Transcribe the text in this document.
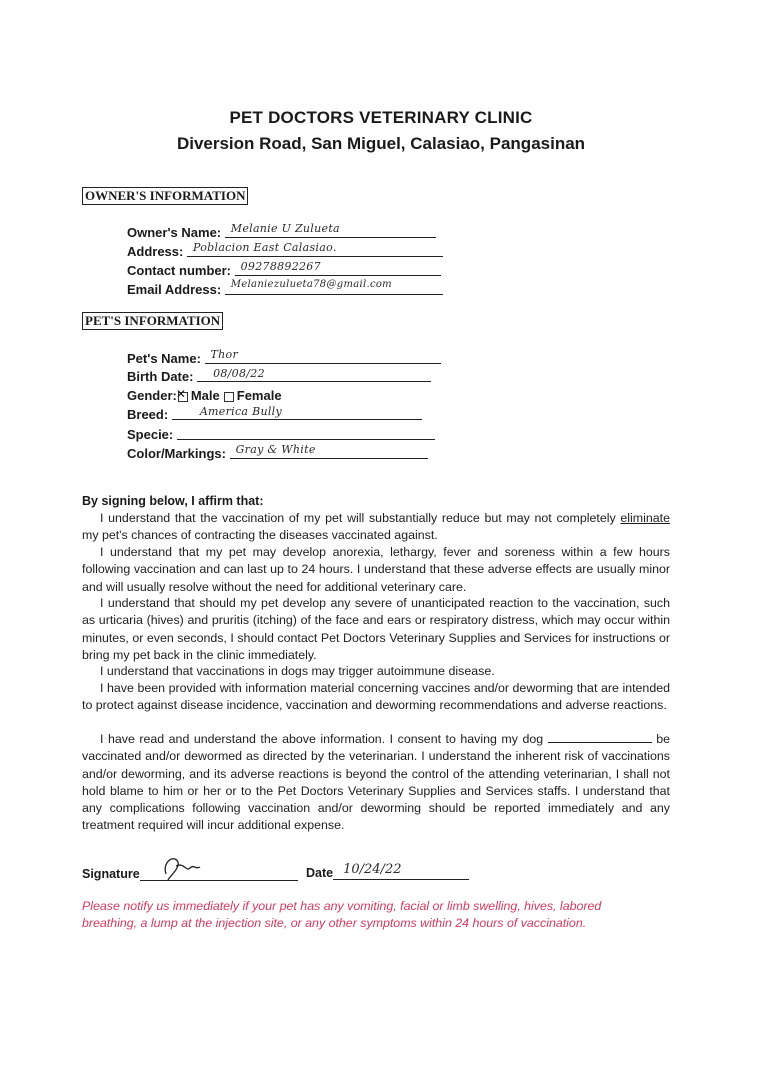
PET DOCTORS VETERINARY CLINIC
Diversion Road, San Miguel, Calasiao, Pangasinan
OWNER'S INFORMATION
Owner's Name: Melanie U Zulueta
Address: Poblacion East Calasiao.
Contact number: 09278892267
Email Address: Melaniezulueta78@gmail.com
PET'S INFORMATION
Pet's Name: Thor
Birth Date: 08/08/22
Gender: ✕ Male Female
Breed:	America Bully
Specie:
Color/Markings: Gray & White
By signing below, I affirm that:
I understand that the vaccination of my pet will substantially reduce but may not completely eliminate my pet's chances of contracting the diseases vaccinated against.
I understand that my pet may develop anorexia, lethargy, fever and soreness within a few hours following vaccination and can last up to 24 hours. I understand that these adverse effects are usually minor and will usually resolve without the need for additional veterinary care.
I understand that should my pet develop any severe of unanticipated reaction to the vaccination, such as urticaria (hives) and pruritis (itching) of the face and ears or respiratory distress, which may occur within minutes, or even seconds, I should contact Pet Doctors Veterinary Supplies and Services for instructions or bring my pet back in the clinic immediately.
I understand that vaccinations in dogs may trigger autoimmune disease.
I have been provided with information material concerning vaccines and/or deworming that are intended to protect against disease incidence, vaccination and deworming recommendations and adverse reactions.
I have read and understand the above information. I consent to having my dog	be vaccinated and/or dewormed as directed by the veterinarian. I understand the inherent risk of vaccinations and/or deworming, and its adverse reactions is beyond the control of the attending veterinarian, I shall not hold blame to him or her or to the Pet Doctors Veterinary Supplies and Services staffs. I understand that any complications following vaccination and/or deworming should be reported immediately and any treatment required will incur additional expense.
Signature	Date 10/24/22
Please notify us immediately if your pet has any vomiting, facial or limb swelling, hives, labored breathing, a lump at the injection site, or any other symptoms within 24 hours of vaccination.
